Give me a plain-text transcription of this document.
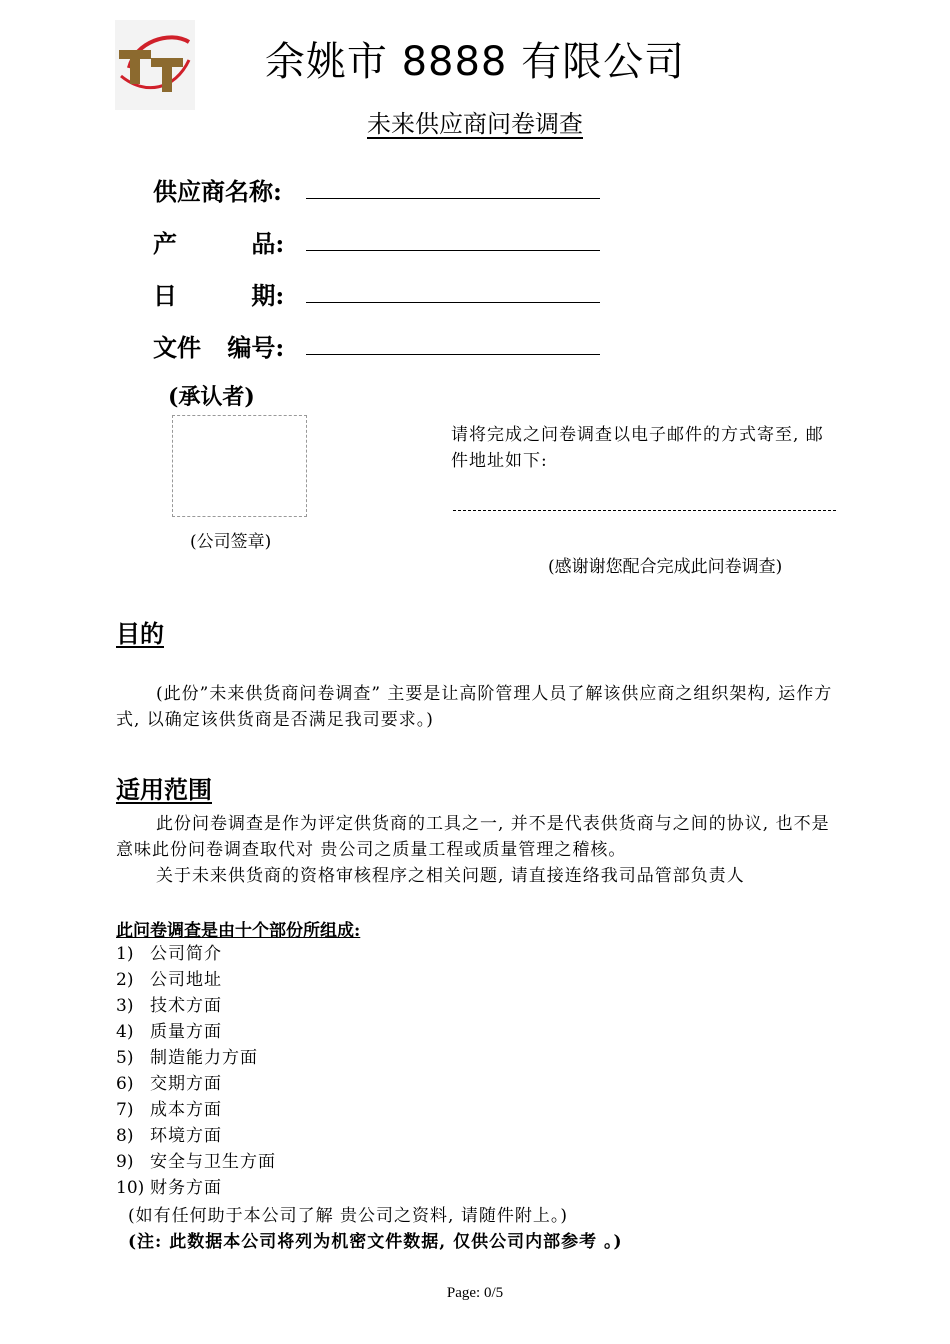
余姚市 8888 有限公司
未来供应商问卷调查
供应商名称:
产 品:
日 期:
文件 编号:
(承认者)
(公司签章)
请将完成之问卷调查以电子邮件的方式寄至, 邮件地址如下:
(感谢谢您配合完成此问卷调查)
目的
(此份”未来供货商问卷调查” 主要是让高阶管理人员了解该供应商之组织架构, 运作方式, 以确定该供货商是否满足我司要求。)
适用范围
此份问卷调查是作为评定供货商的工具之一, 并不是代表供货商与之间的协议, 也不是意味此份问卷调查取代对 贵公司之质量工程或质量管理之稽核。
关于未来供货商的资格审核程序之相关问题, 请直接连络我司品管部负责人
此问卷调查是由十个部份所组成:
1) 公司简介
2) 公司地址
3) 技术方面
4) 质量方面
5) 制造能力方面
6) 交期方面
7) 成本方面
8) 环境方面
9) 安全与卫生方面
10) 财务方面
(如有任何助于本公司了解 贵公司之资料, 请随件附上。)
(注: 此数据本公司将列为机密文件数据, 仅供公司内部参考 。)
Page: 0/5
